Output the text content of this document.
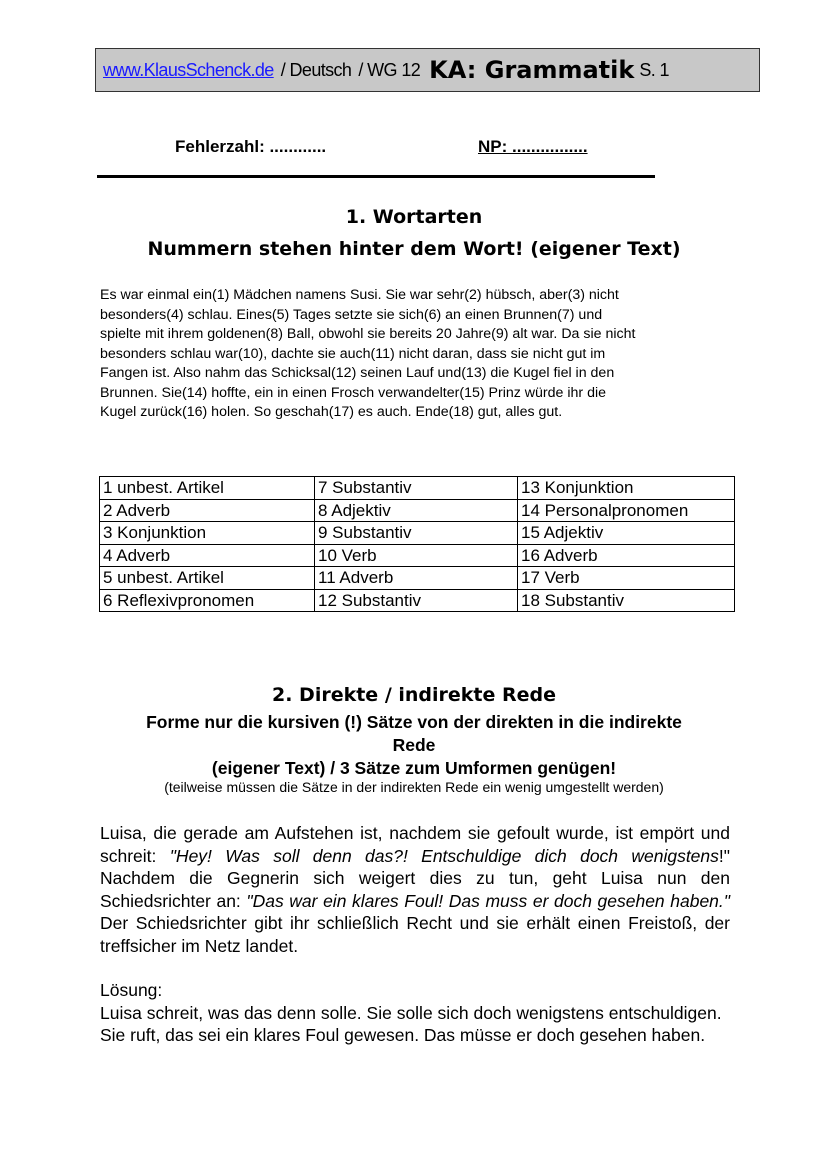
www.KlausSchenck.de / Deutsch / WG 12 KA: Grammatik S. 1
Fehlerzahl: ............	NP: ................
1. Wortarten
Nummern stehen hinter dem Wort! (eigener Text)
Es war einmal ein(1) Mädchen namens Susi. Sie war sehr(2) hübsch, aber(3) nicht
besonders(4) schlau. Eines(5) Tages setzte sie sich(6) an einen Brunnen(7) und
spielte mit ihrem goldenen(8) Ball, obwohl sie bereits 20 Jahre(9) alt war. Da sie nicht
besonders schlau war(10), dachte sie auch(11) nicht daran, dass sie nicht gut im
Fangen ist. Also nahm das Schicksal(12) seinen Lauf und(13) die Kugel fiel in den
Brunnen. Sie(14) hoffte, ein in einen Frosch verwandelter(15) Prinz würde ihr die
Kugel zurück(16) holen. So geschah(17) es auch. Ende(18) gut, alles gut.
1 unbest. Artikel	7 Substantiv	13 Konjunktion
2 Adverb	8 Adjektiv	14 Personalpronomen
3 Konjunktion	9 Substantiv	15 Adjektiv
4 Adverb	10 Verb	16 Adverb
5 unbest. Artikel	11 Adverb	17 Verb
6 Reflexivpronomen	12 Substantiv	18 Substantiv
2. Direkte / indirekte Rede
Forme nur die kursiven (!) Sätze von der direkten in die indirekte
Rede
(eigener Text) / 3 Sätze zum Umformen genügen!
(teilweise müssen die Sätze in der indirekten Rede ein wenig umgestellt werden)
Luisa, die gerade am Aufstehen ist, nachdem sie gefoult wurde, ist empört und schreit: "Hey! Was soll denn das?! Entschuldige dich doch wenigstens!" Nachdem die Gegnerin sich weigert dies zu tun, geht Luisa nun den Schiedsrichter an: "Das war ein klares Foul! Das muss er doch gesehen haben." Der Schiedsrichter gibt ihr schließlich Recht und sie erhält einen Freistoß, der treffsicher im Netz landet.
Lösung:
Luisa schreit, was das denn solle. Sie solle sich doch wenigstens entschuldigen.
Sie ruft, das sei ein klares Foul gewesen. Das müsse er doch gesehen haben.
